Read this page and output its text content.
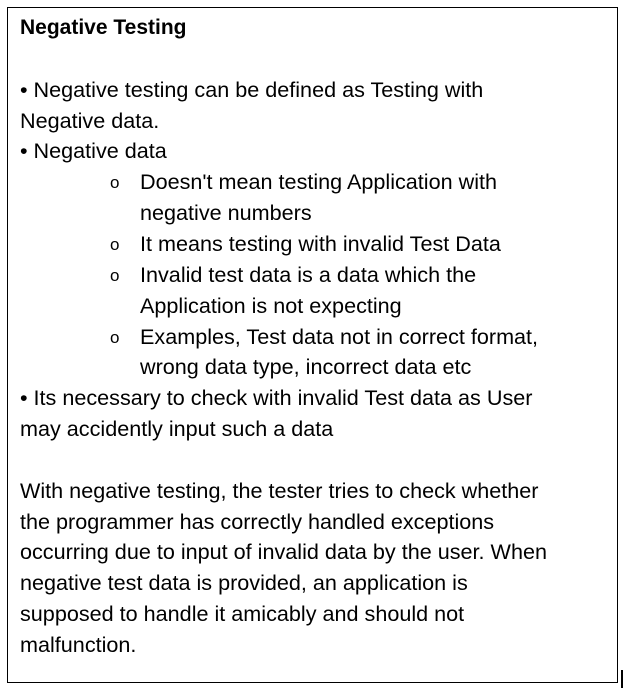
Negative Testing
• Negative testing can be defined as Testing with
Negative data.
• Negative data
o Doesn't mean testing Application with
negative numbers
o It means testing with invalid Test Data
o Invalid test data is a data which the
Application is not expecting
o Examples, Test data not in correct format,
wrong data type, incorrect data etc
• Its necessary to check with invalid Test data as User
may accidently input such a data
With negative testing, the tester tries to check whether
the programmer has correctly handled exceptions
occurring due to input of invalid data by the user. When
negative test data is provided, an application is
supposed to handle it amicably and should not
malfunction.
